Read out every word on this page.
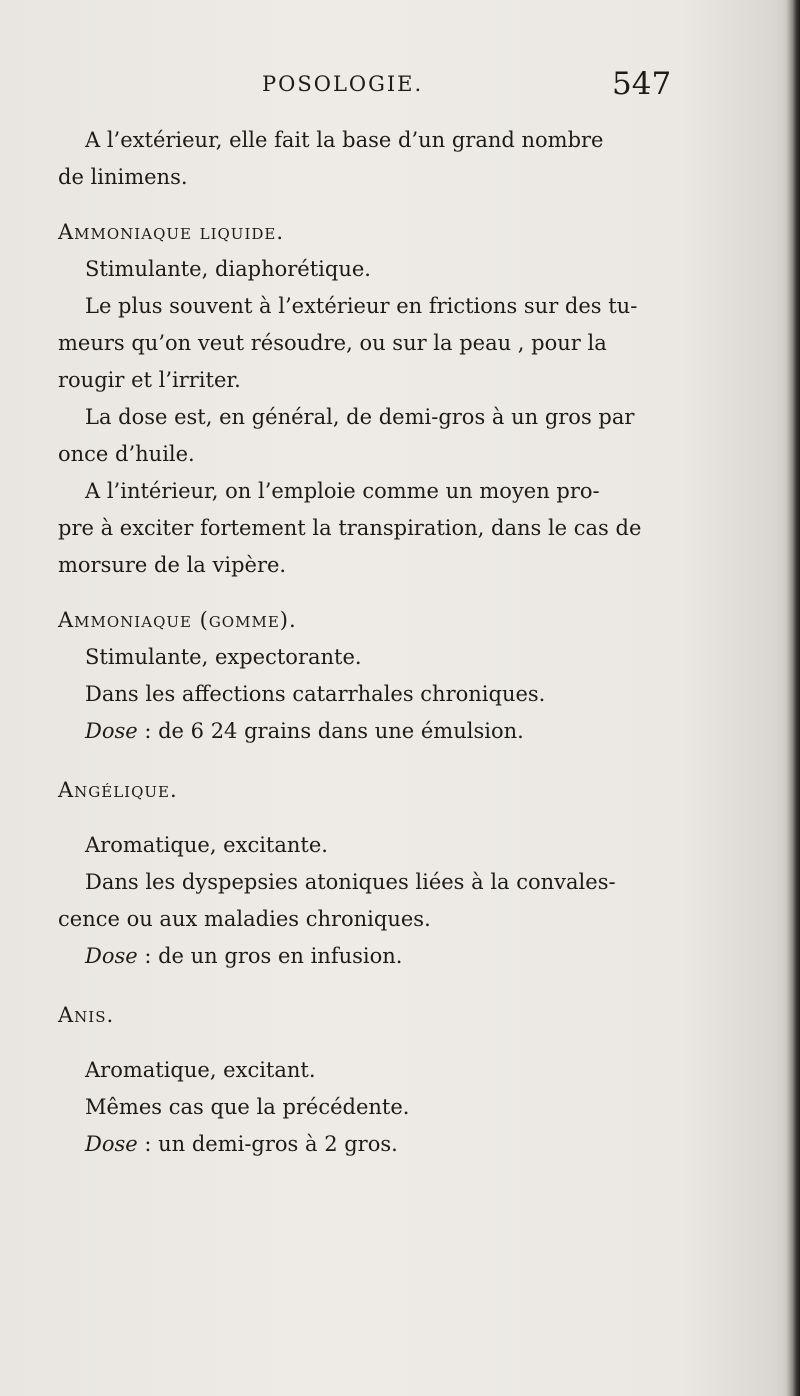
POSOLOGIE.	547
A l’extérieur, elle fait la base d’un grand nombre
de linimens.
Ammoniaque liquide.
Stimulante, diaphorétique.
Le plus souvent à l’extérieur en frictions sur des tu-
meurs qu’on veut résoudre, ou sur la peau , pour la
rougir et l’irriter.
La dose est, en général, de demi-gros à un gros par
once d’huile.
A l’intérieur, on l’emploie comme un moyen pro-
pre à exciter fortement la transpiration, dans le cas de
morsure de la vipère.
Ammoniaque (gomme).
Stimulante, expectorante.
Dans les affections catarrhales chroniques.
Dose : de 6 24 grains dans une émulsion.
Angélique.
Aromatique, excitante.
Dans les dyspepsies atoniques liées à la convales-
cence ou aux maladies chroniques.
Dose : de un gros en infusion.
Anis.
Aromatique, excitant.
Mêmes cas que la précédente.
Dose : un demi-gros à 2 gros.
